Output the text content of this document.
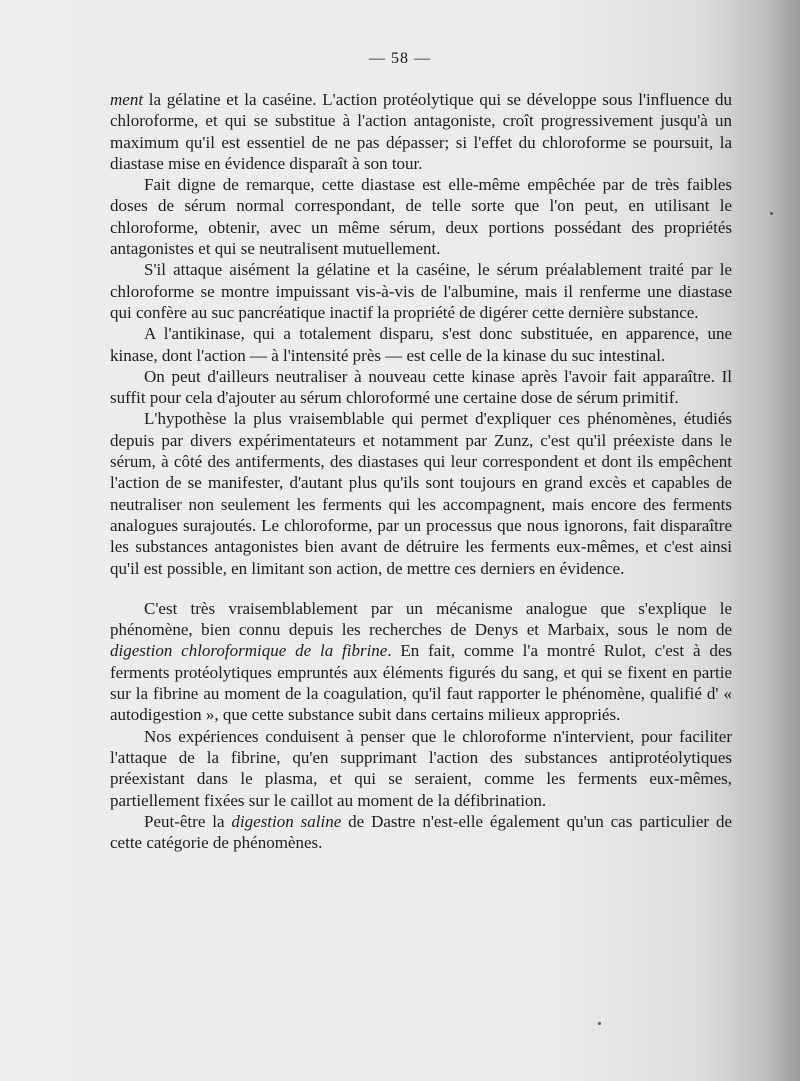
— 58 —

ment la gélatine et la caséine. L'action protéolytique qui se développe sous l'influence du chloroforme, et qui se substitue à l'action antagoniste, croît progressivement jusqu'à un maximum qu'il est essentiel de ne pas dépasser; si l'effet du chloroforme se poursuit, la diastase mise en évidence disparaît à son tour.

Fait digne de remarque, cette diastase est elle-même empêchée par de très faibles doses de sérum normal correspondant, de telle sorte que l'on peut, en utilisant le chloroforme, obtenir, avec un même sérum, deux portions possédant des propriétés antagonistes et qui se neutralisent mutuellement.

S'il attaque aisément la gélatine et la caséine, le sérum préalablement traité par le chloroforme se montre impuissant vis-à-vis de l'albumine, mais il renferme une diastase qui confère au suc pancréatique inactif la propriété de digérer cette dernière substance.

A l'antikinase, qui a totalement disparu, s'est donc substituée, en apparence, une kinase, dont l'action — à l'intensité près — est celle de la kinase du suc intestinal.

On peut d'ailleurs neutraliser à nouveau cette kinase après l'avoir fait apparaître. Il suffit pour cela d'ajouter au sérum chloroformé une certaine dose de sérum primitif.

L'hypothèse la plus vraisemblable qui permet d'expliquer ces phénomènes, étudiés depuis par divers expérimentateurs et notamment par Zunz, c'est qu'il préexiste dans le sérum, à côté des antiferments, des diastases qui leur correspondent et dont ils empêchent l'action de se manifester, d'autant plus qu'ils sont toujours en grand excès et capables de neutraliser non seulement les ferments qui les accompagnent, mais encore des ferments analogues surajoutés. Le chloroforme, par un processus que nous ignorons, fait disparaître les substances antagonistes bien avant de détruire les ferments eux-mêmes, et c'est ainsi qu'il est possible, en limitant son action, de mettre ces derniers en évidence.

C'est très vraisemblablement par un mécanisme analogue que s'explique le phénomène, bien connu depuis les recherches de Denys et Marbaix, sous le nom de digestion chloroformique de la fibrine. En fait, comme l'a montré Rulot, c'est à des ferments protéolytiques empruntés aux éléments figurés du sang, et qui se fixent en partie sur la fibrine au moment de la coagulation, qu'il faut rapporter le phénomène, qualifié d' « autodigestion », que cette substance subit dans certains milieux appropriés.

Nos expériences conduisent à penser que le chloroforme n'intervient, pour faciliter l'attaque de la fibrine, qu'en supprimant l'action des substances antiprotéolytiques préexistant dans le plasma, et qui se seraient, comme les ferments eux-mêmes, partiellement fixées sur le caillot au moment de la défibrination.

Peut-être la digestion saline de Dastre n'est-elle également qu'un cas particulier de cette catégorie de phénomènes.
